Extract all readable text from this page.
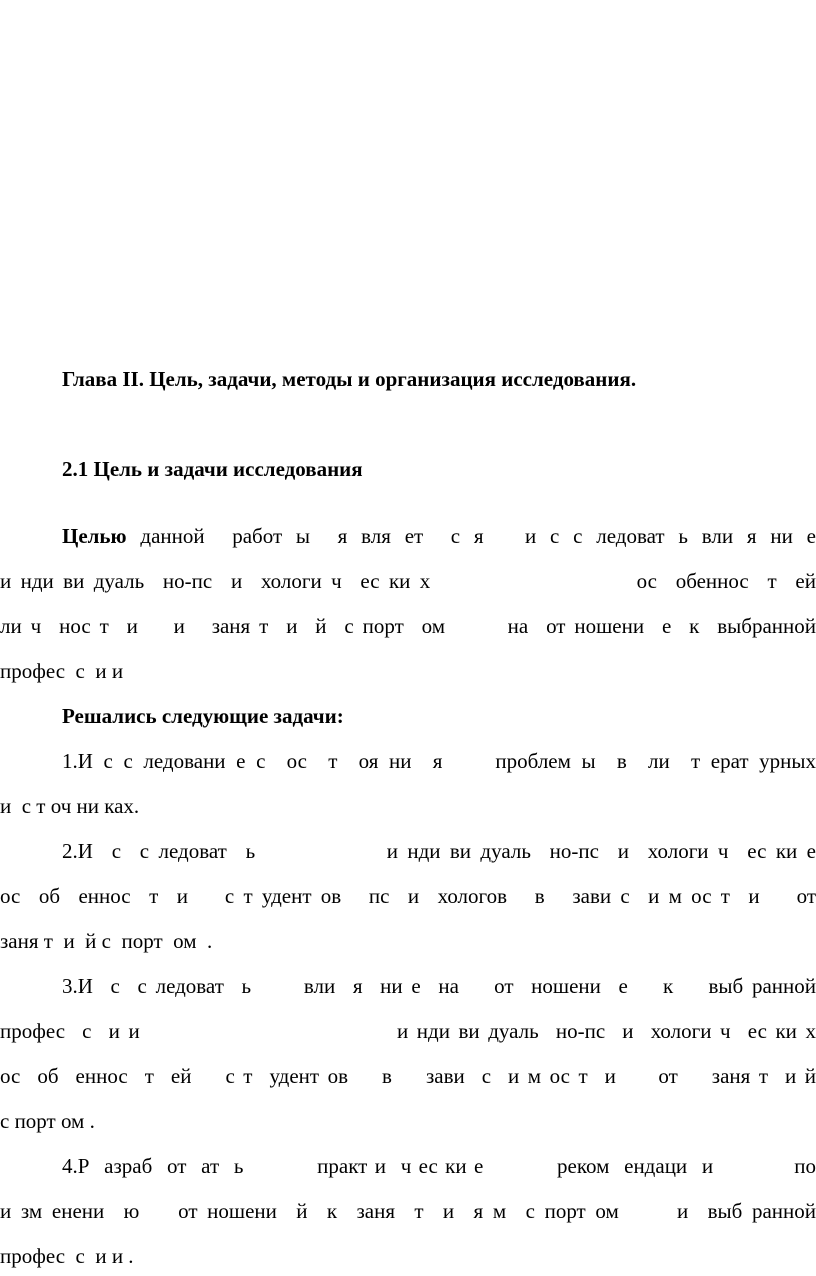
Глава II. Цель, задачи, методы и организация исследования.
2.1 Цель и задачи исследования
Целью данной  работ ы  я вля ет  с я   и с с ледоват ь вли я ни е
и нди ви дуаль  но-пс  и  хологи ч  ес ки х                      ос  обеннос  т  ей
ли ч  нос т  и    и   заня т  и  й  с порт  ом       на  от ношени  е  к  выбранной
профес  с  и и
Решались следующие задачи:
1.И с с ледовани е с  ос  т  оя ни  я     проблем ы  в  ли  т ерат урных
и  с т оч ни ках.
2.И  с  с ледоват  ь              и нди ви дуаль  но-пс  и  хологи ч  ес ки е
ос  об  еннос  т  и    с т удент ов   пс  и  хологов   в   зави с  и м ос т  и    от
заня т  и  й с  порт  ом  .
3.И  с  с ледоват  ь      вли  я  ни е  на    от  ношени  е    к    выб ранной
профес  с  и и                              и нди ви дуаль  но-пс  и  хологи ч  ес ки х
ос  об  еннос  т  ей    с т  удент ов    в    зави  с  и м ос т  и     от    заня т  и й
с порт ом .
4.Р  азраб  от  ат  ь          практ и  ч ес ки е          реком  ендаци  и           по
и зм енени  ю    от ношени  й  к  заня  т  и  я м  с порт ом      и  выб ранной
профес  с  и и .
